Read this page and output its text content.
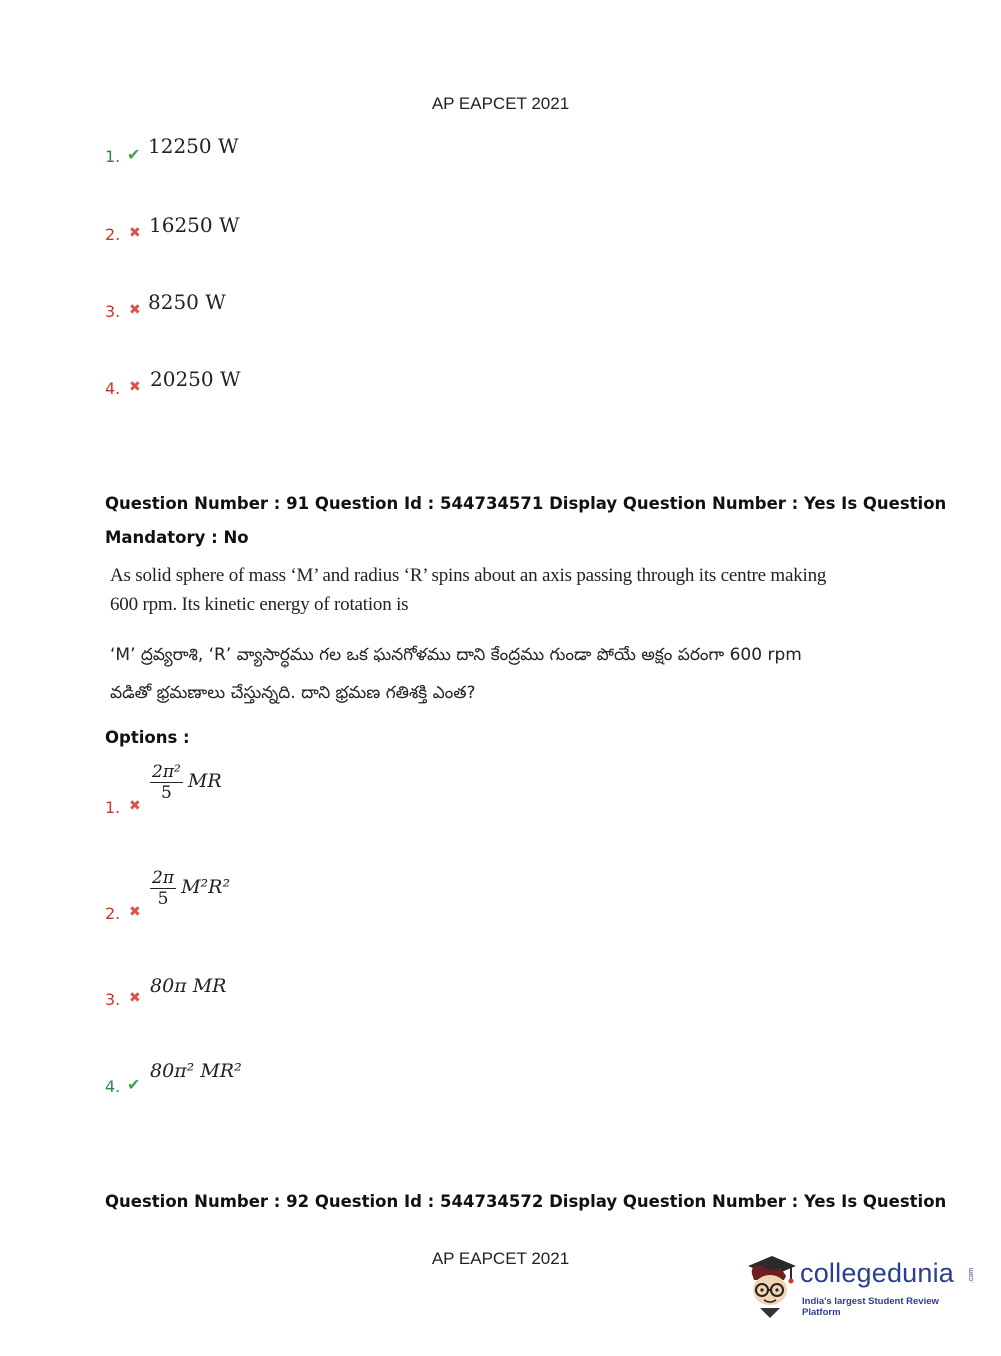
AP EAPCET 2021
1. ✔ 12250 W
2. ✖ 16250 W
3. ✖ 8250 W
4. ✖ 20250 W
Question Number : 91 Question Id : 544734571 Display Question Number : Yes Is Question
Mandatory : No
As solid sphere of mass ‘M’ and radius ‘R’ spins about an axis passing through its centre making
600 rpm. Its kinetic energy of rotation is
‘M’ ద్రవ్యరాశి, ‘R’ వ్యాసార్ధము గల ఒక ఘనగోళము దాని కేంద్రము గుండా పోయే అక్షం పరంగా 600 rpm
వడితో భ్రమణాలు చేస్తున్నది. దాని భ్రమణ గతిశక్తి ఎంత?
Options :
1. ✖
$\frac{\text{2π²}}{5}$ MR
2. ✖
$\frac{2\pi}{5} M^2R^2$
3. ✖
80π MR
4. ✔
80π² MR²
Question Number : 92 Question Id : 544734572 Display Question Number : Yes Is Question
AP EAPCET 2021	collegedunia .com
India's largest Student Review Platform
